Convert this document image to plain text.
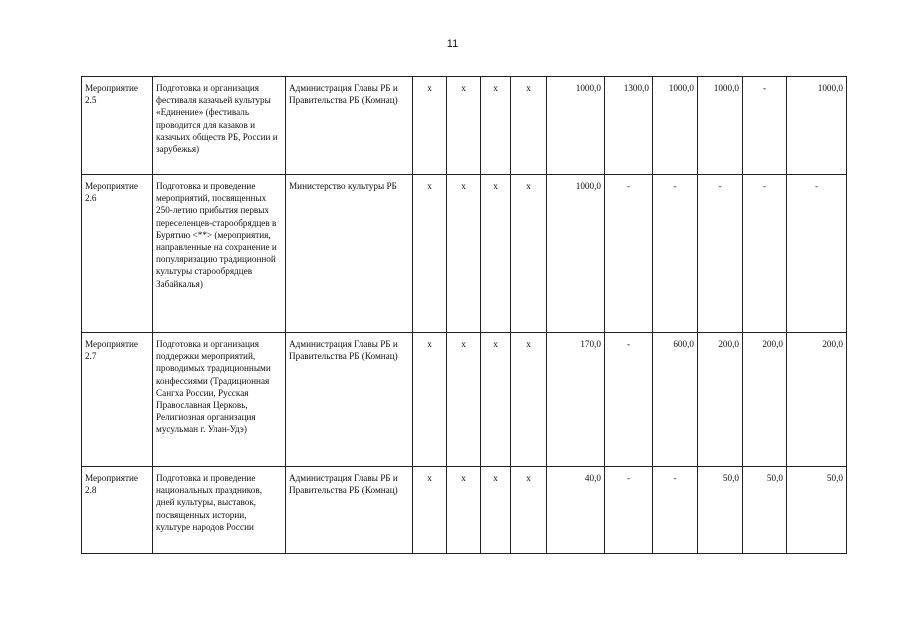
11
Мероприятие 2.5	Подготовка и организация фестиваля казачьей культуры «Единение» (фестиваль проводится для казаков и казачьих обществ РБ, России и зарубежья)	Администрация Главы РБ и Правительства РБ (Комнац)	х	х	х	х	1000,0	1300,0	1000,0	1000,0	-	1000,0
Мероприятие 2.6	Подготовка и проведение мероприятий, посвященных 250-летию прибытия первых переселенцев-старообрядцев в Бурятию <**> (мероприятия, направленные на сохранение и популяризацию традиционной культуры старообрядцев Забайкалья)	Министерство культуры РБ	х	х	х	х	1000,0	-	-	-	-	-
Мероприятие 2.7	Подготовка и организация поддержки мероприятий, проводимых традиционными конфессиями (Традиционная Сангха России, Русская Православная Церковь, Религиозная организация мусульман г. Улан-Удэ)	Администрация Главы РБ и Правительства РБ (Комнац)	х	х	х	х	170,0	-	600,0	200,0	200,0	200,0
Мероприятие 2.8	Подготовка и проведение национальных праздников, дней культуры, выставок, посвященных истории, культуре народов России	Администрация Главы РБ и Правительства РБ (Комнац)	х	х	х	х	40,0	-	-	50,0	50,0	50,0
